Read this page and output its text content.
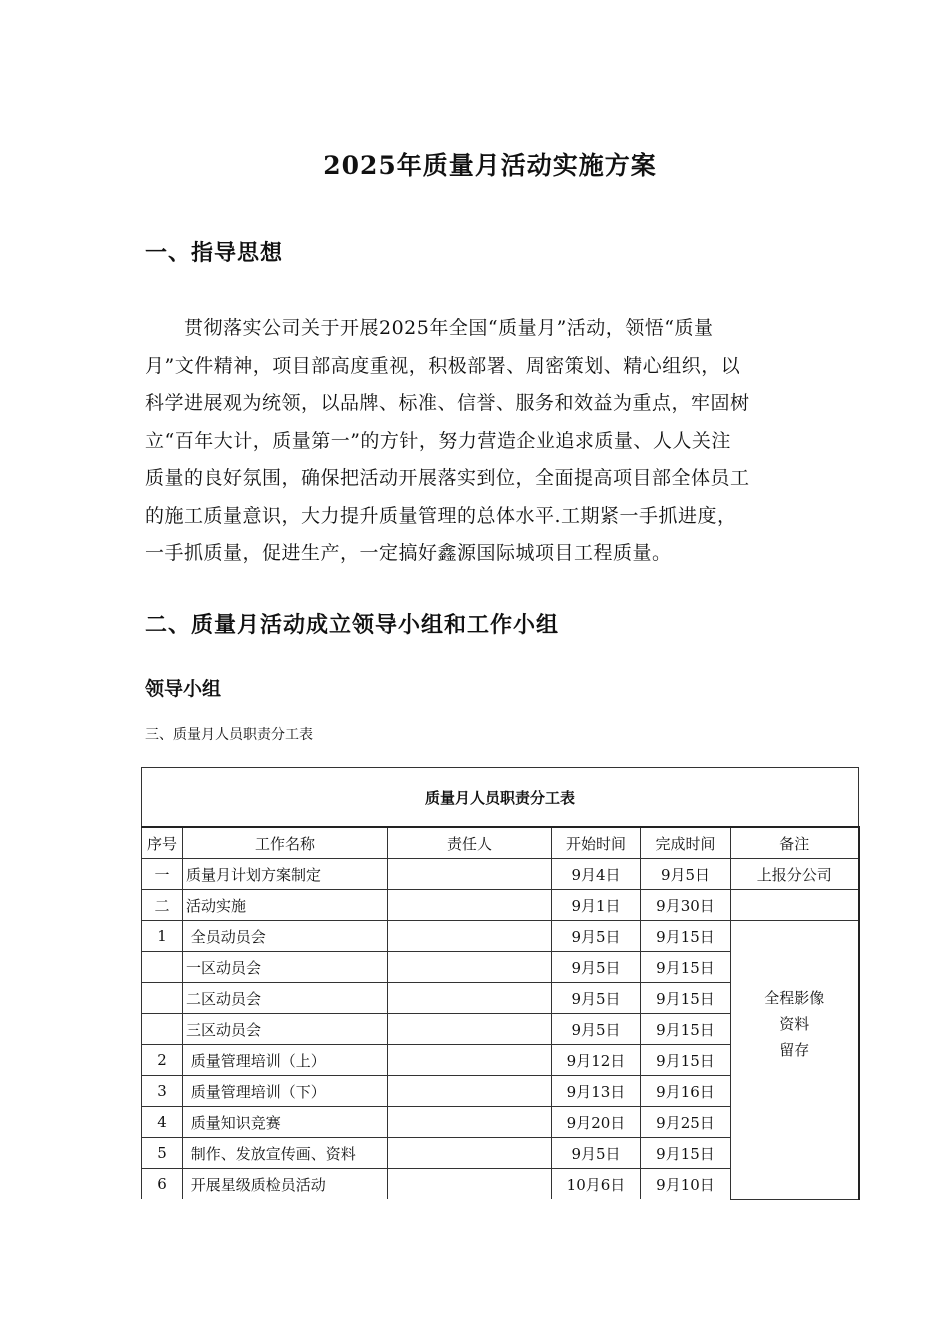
2025年质量月活动实施方案
一、指导思想

　　贯彻落实公司关于开展2025年全国“质量月”活动，领悟“质量
月”文件精神，项目部高度重视，积极部署、周密策划、精心组织，以
科学进展观为统领，以品牌、标准、信誉、服务和效益为重点，牢固树
立“百年大计，质量第一”的方针，努力营造企业追求质量、人人关注
质量的良好氛围，确保把活动开展落实到位，全面提高项目部全体员工
的施工质量意识，大力提升质量管理的总体水平.工期紧一手抓进度，
一手抓质量，促进生产，一定搞好鑫源国际城项目工程质量。

二、质量月活动成立领导小组和工作小组
领导小组
三、质量月人员职责分工表
质量月人员职责分工表					
序号	工作名称	责任人	开始时间	完成时间	备注
一	质量月计划方案制定		9月4日	9月5日	上报分公司
二	活动实施		9月1日	9月30日	
1	全员动员会		9月5日	9月15日	全程影像
资料
留存

	一区动员会		9月5日	9月15日	
	二区动员会		9月5日	9月15日	
	三区动员会		9月5日	9月15日	
2	质量管理培训（上）		9月12日	9月15日	
3	质量管理培训（下）		9月13日	9月16日	
4	质量知识竞赛		9月20日	9月25日	
5	制作、发放宣传画、资料		9月5日	9月15日	
6	开展星级质检员活动		10月6日	9月10日	
